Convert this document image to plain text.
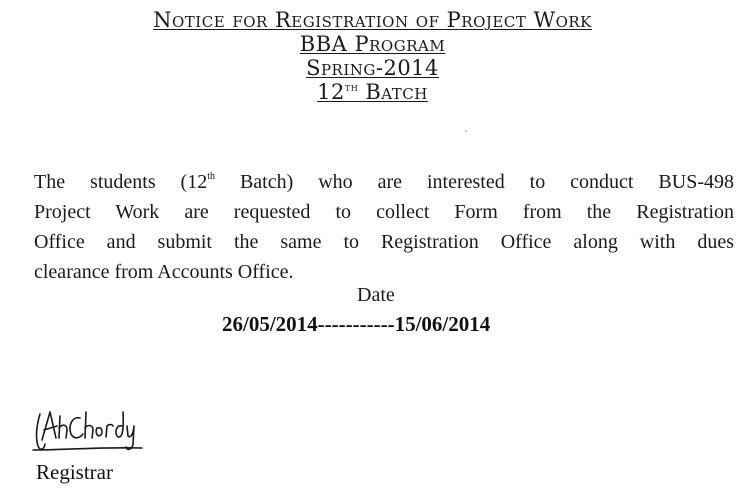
Notice for Registration of Project Work
BBA Program
Spring-2014
12th Batch
The students (12th Batch) who are interested to conduct BUS-498
Project Work are requested to collect Form from the Registration
Office and submit the same to Registration Office along with dues
clearance from Accounts Office.
Date
26/05/2014-----------15/06/2014
Registrar
